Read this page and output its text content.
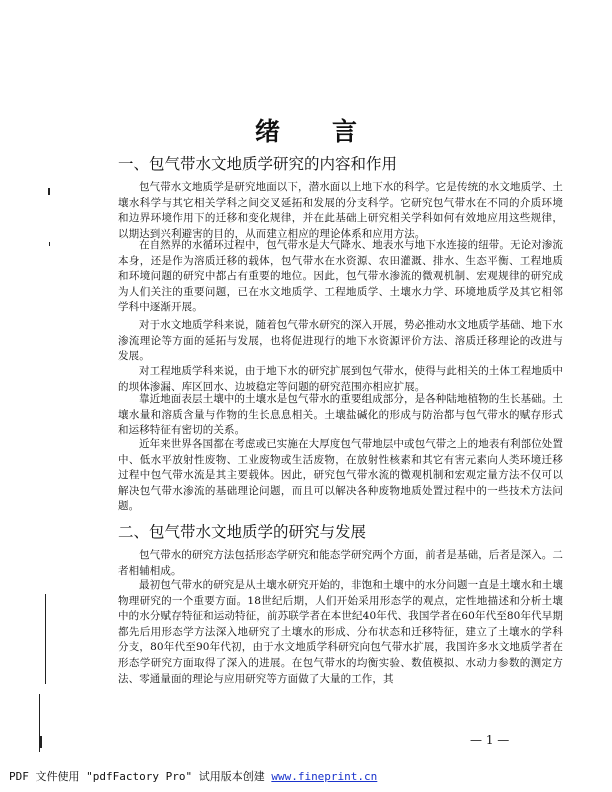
绪言
一、包气带水文地质学研究的内容和作用

包气带水文地质学是研究地面以下，潜水面以上地下水的科学。它是传统的水文地质学、土壤水科学与其它相关学科之间交叉延拓和发展的分支科学。它研究包气带水在不同的介质环境和边界环境作用下的迁移和变化规律，并在此基础上研究相关学科如何有效地应用这些规律，以期达到兴利避害的目的，从而建立相应的理论体系和应用方法。

在自然界的水循环过程中，包气带水是大气降水、地表水与地下水连接的纽带。无论对渗流本身，还是作为溶质迁移的载体，包气带水在水资源、农田灌溉、排水、生态平衡、工程地质和环境问题的研究中都占有重要的地位。因此，包气带水渗流的微观机制、宏观规律的研究成为人们关注的重要问题，已在水文地质学、工程地质学、土壤水力学、环境地质学及其它相邻学科中逐渐开展。

对于水文地质学科来说，随着包气带水研究的深入开展，势必推动水文地质学基础、地下水渗流理论等方面的延拓与发展，也将促进现行的地下水资源评价方法、溶质迁移理论的改进与发展。

对工程地质学科来说，由于地下水的研究扩展到包气带水，使得与此相关的土体工程地质中的坝体渗漏、库区回水、边坡稳定等问题的研究范围亦相应扩展。

靠近地面表层土壤中的土壤水是包气带水的重要组成部分，是各种陆地植物的生长基础。土壤水量和溶质含量与作物的生长息息相关。土壤盐碱化的形成与防治都与包气带水的赋存形式和运移特征有密切的关系。

近年来世界各国都在考虑或已实施在大厚度包气带地层中或包气带之上的地表有利部位处置中、低水平放射性废物、工业废物或生活废物，在放射性核素和其它有害元素向人类环境迁移过程中包气带水流是其主要载体。因此，研究包气带水流的微观机制和宏观定量方法不仅可以解决包气带水渗流的基础理论问题，而且可以解决各种废物地质处置过程中的一些技术方法问题。

二、包气带水文地质学的研究与发展

包气带水的研究方法包括形态学研究和能态学研究两个方面，前者是基础，后者是深入。二者相辅相成。

最初包气带水的研究是从土壤水研究开始的，非饱和土壤中的水分问题一直是土壤水和土壤物理研究的一个重要方面。18世纪后期，人们开始采用形态学的观点，定性地描述和分析土壤中的水分赋存特征和运动特征，前苏联学者在本世纪40年代、我国学者在60年代至80年代早期都先后用形态学方法深入地研究了土壤水的形成、分布状态和迁移特征，建立了土壤水的学科分支，80年代至90年代初，由于水文地质学科研究向包气带水扩展，我国许多水文地质学者在形态学研究方面取得了深入的进展。在包气带水的均衡实验、数值模拟、水动力参数的测定方法、零通量面的理论与应用研究等方面做了大量的工作，其

— 1 —
PDF 文件使用 "pdfFactory Pro" 试用版本创建 www.fineprint.cn
